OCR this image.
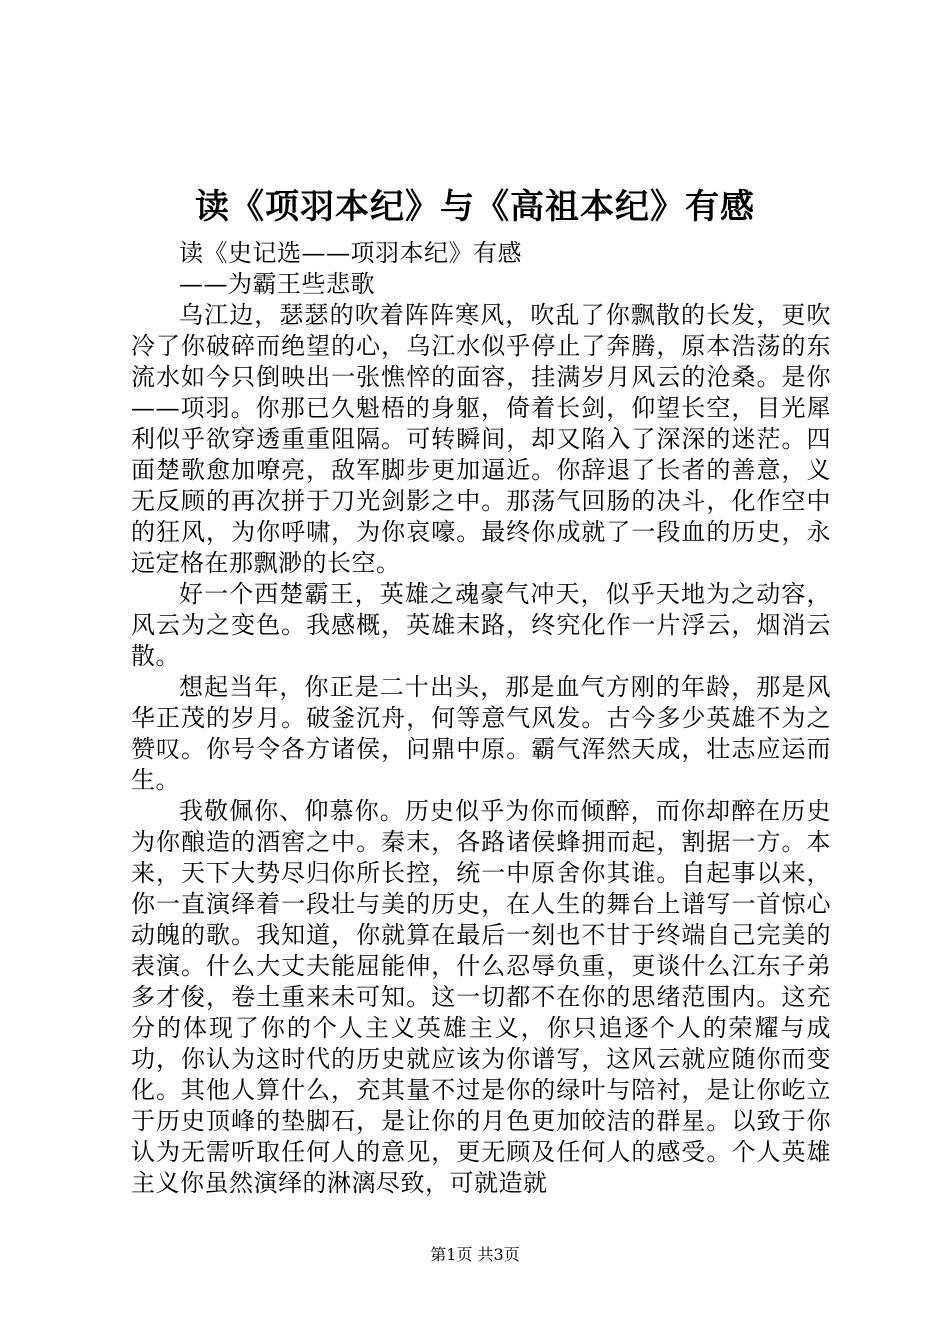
读《项羽本纪》与《高祖本纪》有感

读《史记选——项羽本纪》有感

——为霸王些悲歌

乌江边，瑟瑟的吹着阵阵寒风，吹乱了你飘散的长发，更吹冷了你破碎而绝望的心，乌江水似乎停止了奔腾，原本浩荡的东流水如今只倒映出一张憔悴的面容，挂满岁月风云的沧桑。是你——项羽。你那已久魁梧的身躯，倚着长剑，仰望长空，目光犀利似乎欲穿透重重阻隔。可转瞬间，却又陷入了深深的迷茫。四面楚歌愈加嘹亮，敌军脚步更加逼近。你辞退了长者的善意，义无反顾的再次拼于刀光剑影之中。那荡气回肠的决斗，化作空中的狂风，为你呼啸，为你哀嚎。最终你成就了一段血的历史，永远定格在那飘渺的长空。

好一个西楚霸王，英雄之魂豪气冲天，似乎天地为之动容，风云为之变色。我感概，英雄末路，终究化作一片浮云，烟消云散。

想起当年，你正是二十出头，那是血气方刚的年龄，那是风华正茂的岁月。破釜沉舟，何等意气风发。古今多少英雄不为之赞叹。你号令各方诸侯，问鼎中原。霸气浑然天成，壮志应运而生。

我敬佩你、仰慕你。历史似乎为你而倾醉，而你却醉在历史为你酿造的酒窖之中。秦末，各路诸侯蜂拥而起，割据一方。本来，天下大势尽归你所长控，统一中原舍你其谁。自起事以来，你一直演绎着一段壮与美的历史，在人生的舞台上谱写一首惊心动魄的歌。我知道，你就算在最后一刻也不甘于终端自己完美的表演。什么大丈夫能屈能伸，什么忍辱负重，更谈什么江东子弟多才俊，卷土重来未可知。这一切都不在你的思绪范围内。这充分的体现了你的个人主义英雄主义，你只追逐个人的荣耀与成功，你认为这时代的历史就应该为你谱写，这风云就应随你而变化。其他人算什么，充其量不过是你的绿叶与陪衬，是让你屹立于历史顶峰的垫脚石，是让你的月色更加皎洁的群星。以致于你认为无需听取任何人的意见，更无顾及任何人的感受。个人英雄主义你虽然演绎的淋漓尽致，可就造就

第1页 共3页
